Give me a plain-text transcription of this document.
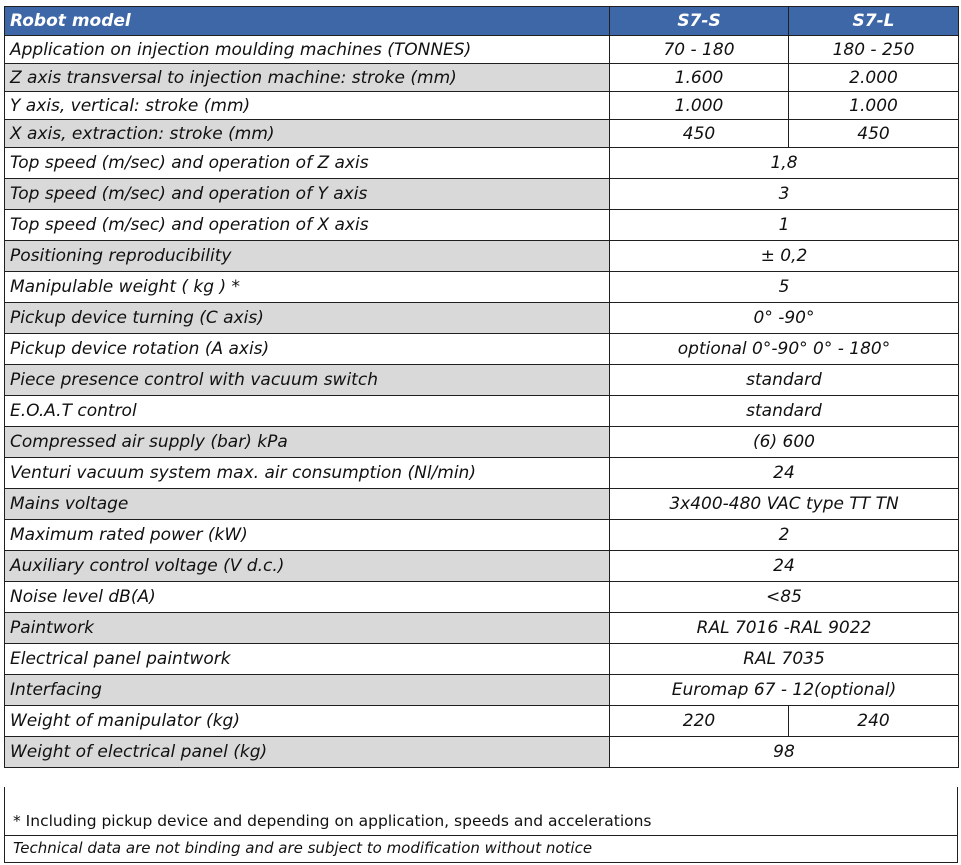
Robot model	S7-S	S7-L
Application on injection moulding machines (TONNES)	70 - 180	180 - 250
Z axis transversal to injection machine: stroke (mm)	1.600	2.000
Y axis, vertical: stroke (mm)	1.000	1.000
X axis, extraction: stroke (mm)	450	450
Top speed (m/sec) and operation of Z axis	1,8	
Top speed (m/sec) and operation of Y axis	3	
Top speed (m/sec) and operation of X axis	1	
Positioning reproducibility	± 0,2	
Manipulable weight ( kg ) *	5	
Pickup device turning (C axis)	0° -90°	
Pickup device rotation (A axis)	optional 0°-90° 0° - 180°	
Piece presence control with vacuum switch	standard	
E.O.A.T control	standard	
Compressed air supply (bar) kPa	(6) 600	
Venturi vacuum system max. air consumption (Nl/min)	24	
Mains voltage	3x400-480 VAC type TT TN	
Maximum rated power (kW)	2	
Auxiliary control voltage (V d.c.)	24	
Noise level dB(A)	<85	
Paintwork	RAL 7016 -RAL 9022	
Electrical panel paintwork	RAL 7035	
Interfacing	Euromap 67 - 12(optional)	
Weight of manipulator (kg)	220	240
Weight of electrical panel (kg)	98	
* Including pickup device and depending on application, speeds and accelerations
Technical data are not binding and are subject to modification without notice
